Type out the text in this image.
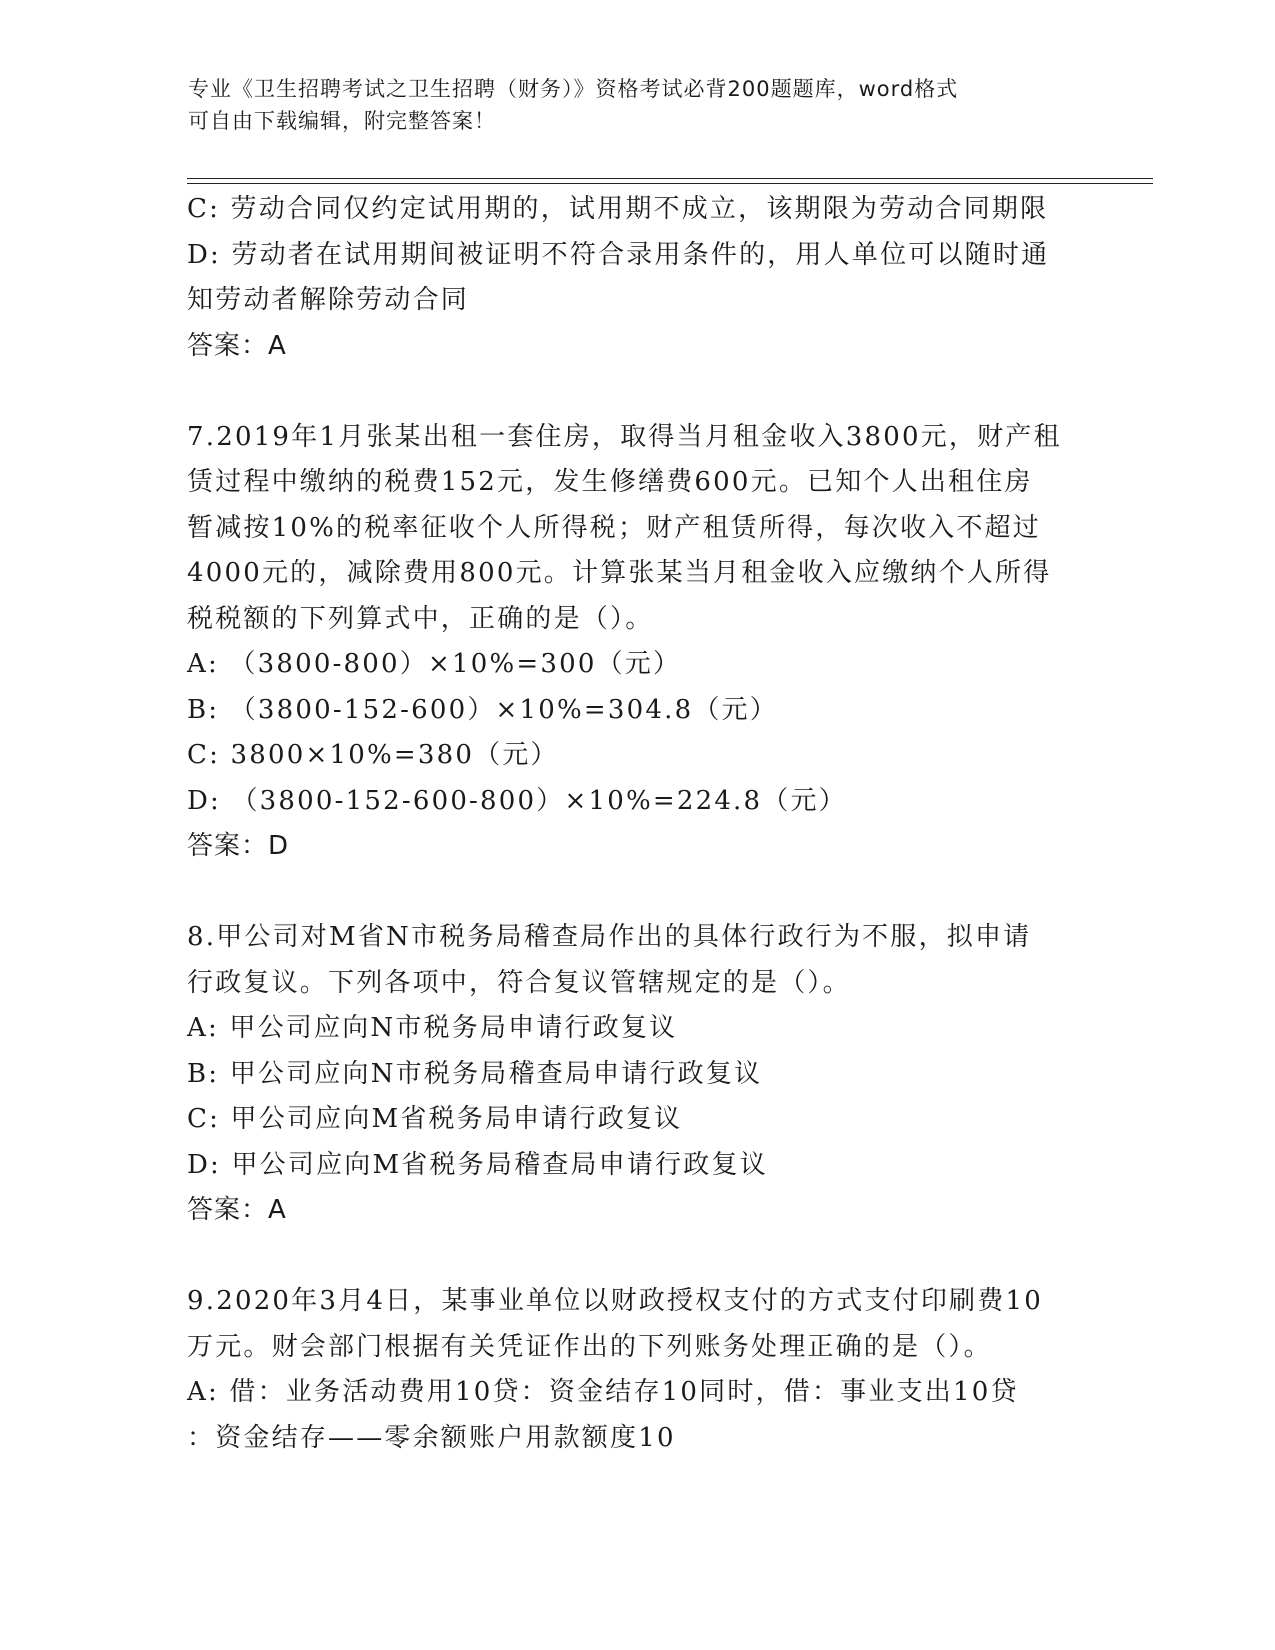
专业《卫生招聘考试之卫生招聘（财务）》资格考试必背200题题库，word格式
可自由下载编辑，附完整答案！
C: 劳动合同仅约定试用期的，试用期不成立，该期限为劳动合同期限
D: 劳动者在试用期间被证明不符合录用条件的，用人单位可以随时通
知劳动者解除劳动合同
答案：A
7.2019年1月张某出租一套住房，取得当月租金收入3800元，财产租
赁过程中缴纳的税费152元，发生修缮费600元。已知个人出租住房
暂减按10%的税率征收个人所得税；财产租赁所得，每次收入不超过
4000元的，减除费用800元。计算张某当月租金收入应缴纳个人所得
税税额的下列算式中，正确的是（）。
A: （3800-800）×10%=300（元）
B: （3800-152-600）×10%=304.8（元）
C: 3800×10%=380（元）
D: （3800-152-600-800）×10%=224.8（元）
答案：D
8.甲公司对M省N市税务局稽查局作出的具体行政行为不服，拟申请
行政复议。下列各项中，符合复议管辖规定的是（）。
A: 甲公司应向N市税务局申请行政复议
B: 甲公司应向N市税务局稽查局申请行政复议
C: 甲公司应向M省税务局申请行政复议
D: 甲公司应向M省税务局稽查局申请行政复议
答案：A
9.2020年3月4日，某事业单位以财政授权支付的方式支付印刷费10
万元。财会部门根据有关凭证作出的下列账务处理正确的是（）。
A: 借：业务活动费用10贷：资金结存10同时，借：事业支出10贷
：资金结存——零余额账户用款额度10
